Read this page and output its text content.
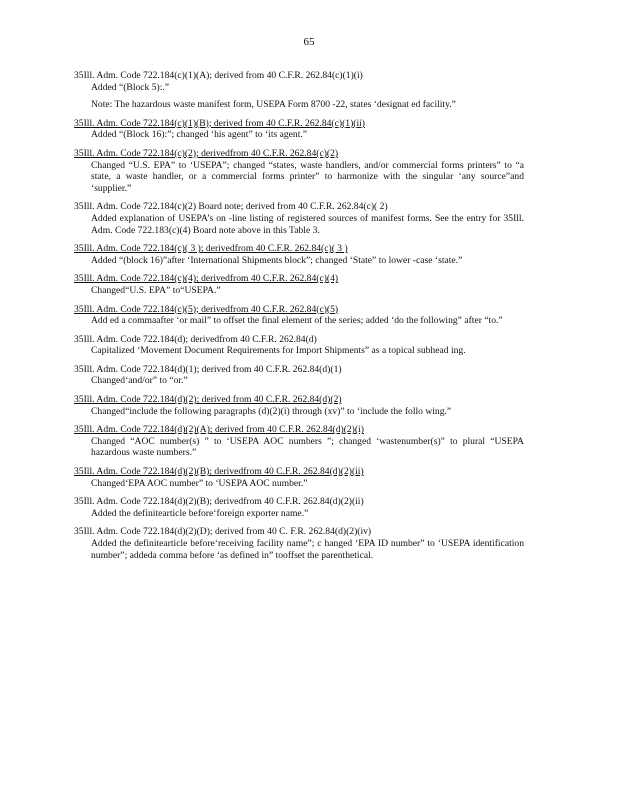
65
35Ill. Adm. Code 722.184(c)(1)(A); derived from 40 C.F.R. 262.84(c)(1)(i)
Added “(Block 5):.”
Note: The hazardous waste manifest form, USEPA Form 8700 -22, states ‘designat ed facility.”
35Ill. Adm. Code 722.184(c)(1)(B); derived from 40 C.F.R. 262.84(c)(1)(ii)
Added “(Block 16):”; changed ‘his agent” to ‘its agent.”
35Ill. Adm. Code 722.184(c)(2); derivedfrom 40 C.F.R. 262.84(c)(2)
Changed “U.S. EPA” to ‘USEPA”; changed “states, waste handlers, and/or commercial forms printers” to “a state, a waste handler, or a commercial forms printer” to harmonize with the singular ‘any source”and ‘supplier.”
35Ill. Adm. Code 722.184(c)(2) Board note; derived from 40 C.F.R. 262.84(c)( 2)
Added explanation of USEPA’s on -line listing of registered sources of manifest forms. See the entry for 35Ill. Adm. Code 722.183(c)(4) Board note above in this Table 3.
35Ill. Adm. Code 722.184(c)( 3 ); derivedfrom 40 C.F.R. 262.84(c)( 3 )
Added “(block 16)”after ‘International Shipments block”; changed ‘State” to lower -case ‘state.”
35Ill. Adm. Code 722.184(c)(4); derivedfrom 40 C.F.R. 262.84(c)(4)
Changed“U.S. EPA” to“USEPA.”
35Ill. Adm. Code 722.184(c)(5); derivedfrom 40 C.F.R. 262.84(c)(5)
Add ed a commaafter ‘or mail” to offset the final element of the series; added ‘do the following” after “to.”
35Ill. Adm. Code 722.184(d); derivedfrom 40 C.F.R. 262.84(d)
Capitalized ‘Movement Document Requirements for Import Shipments” as a topical subhead ing.
35Ill. Adm. Code 722.184(d)(1); derived from 40 C.F.R. 262.84(d)(1)
Changed‘and/or” to “or.”
35Ill. Adm. Code 722.184(d)(2); derived from 40 C.F.R. 262.84(d)(2)
Changed“include the following paragraphs (d)(2)(i) through (xv)” to ‘include the follo wing.”
35Ill. Adm. Code 722.184(d)(2)(A); derived from 40 C.F.R. 262.84(d)(2)(i)
Changed “AOC number(s) ” to ‘USEPA AOC numbers ”; changed ‘wastenumber(s)” to plural “USEPA hazardous waste numbers.”
35Ill. Adm. Code 722.184(d)(2)(B); derivedfrom 40 C.F.R. 262.84(d)(2)(ii)
Changed‘EPA AOC number” to ‘USEPA AOC number.”
35Ill. Adm. Code 722.184(d)(2)(B); derivedfrom 40 C.F.R. 262.84(d)(2)(ii)
Added the definitearticle before‘foreign exporter name.”
35Ill. Adm. Code 722.184(d)(2)(D); derived from 40 C. F.R. 262.84(d)(2)(iv)
Added the definitearticle before‘receiving facility name”; c hanged ‘EPA ID number” to ‘USEPA identification number”; addeda comma before ‘as defined in” tooffset the parenthetical.
